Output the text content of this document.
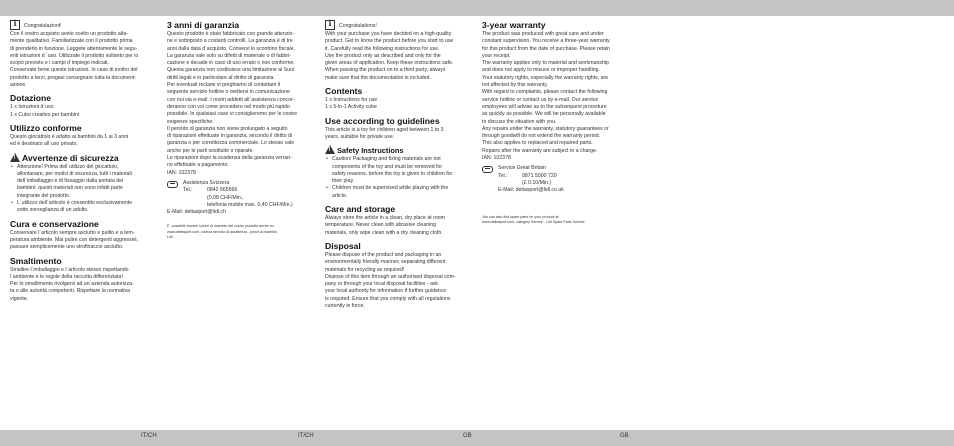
i
Congratulazioni!

Con il vostro acquisto avete scelto un prodotto alta-

mente qualitativo. Familiarizzate con il prodotto prima

di prenderlo in funzione. Leggete attentamente le segu-

enti istruzioni d ´uso. Utilizzate il prodotto soltanto per lo

scopo previsto e i campi d´impiego indicati.

Conservate bene queste istruzioni. In caso di inoltro del

prodotto a terzi, pregasi consegnare tutta la document-

azione.

Dotazione

1 x Istruzioni d´uso

1 x Cubo creativo per bambini

Utilizzo conforme

Questo giocattolo è adatto ai bambini da 1 ai 3 anni

ed è destinato all´uso privato.

!Avvertenze di sicurezza

• Attenzione! Prima dell´utilizzo del giocattolo,

allontanare, per motivi di sicurezza, tutti i materiali

dell´imballaggio e di fissaggio dalla portata dei

bambini: questi materiali non sono infatti parte

integrante del prodotto.

• L´utilizzo dell´articolo è consentito esclusivamente

sotto sorveglianza di un adulto.

Cura e conservazione

Conservare l´articolo sempre asciutto e pulito e a tem-

peratura ambiente. Mai pulire con detergenti aggressivi,

passare semplicemente uno strofinaccio asciutto.

Smaltimento

Smaltire l´imballaggio e l´articolo stesso rispettando

l´ambiente e le regole della raccolta differenziata!

Per lo smaltimento rivolgersi ad un´azienda autorizza-

ta o alle autorità competenti. Rispettare la normativa

vigente.

3 anni di garanzia

Questo prodotto è stato fabbricato con grande attenzio-

ne e sottoposto a costanti controlli. La garanzia è di tre

anni dalla data d´acquisto. Conservi lo scontrino fiscale.

La garanzia vale solo su difetti di materiale o di fabbri-

cazione e decade in caso di uso errato o non conforme.

Questa garanzia non costituisce una limitazione ai Suoi

diritti legali e in particolare al diritto di garanzia.

Per eventuali reclami vi preghiamo di contattare il

seguente servizio hotline o mettervi in comunicazione

con noi via e-mail. I nostri addetti all´assistenza concor-

deranno con voi come procedere nel modo più rapido

possibile. In qualsiasi caso vi consiglieremo per le vostre

esigenze specifiche.

Il periodo di garanzia non viene prolungato a seguito

di riparazioni effettuate in garanzia, secondo il diritto di

garanzia o per correttezza commerciale. Lo stesso vale

anche per le parti sostituite o riparate.

Le riparazioni dopo la scadenza della garanzia verran-

no effettuate a pagamento.

IAN: 102378

Assistenza Svizzera

Tel.:	0842 665566

(0,08 CHF/Min.,

telefonia mobile max. 0,40 CHF/Min.)

E-Mail: deltasport@lidl.ch

E´ possibile trovare i pezzi di ricambio del vostro prodotto anche su

www.deltasport.com, rubrica servizio di assistenza - pezzi di ricambio

Lidl

i
Congratulations!

With your purchase you have decided on a high-quality

product. Get to know the product before you start to use

it. Carefully read the following instructions for use.

Use the product only as described and only for the

given areas of application. Keep these instructions safe.

When passing the product on to a third party, always

make sure that the documentation is included.

Contents

1 x Instructions for use

1 x 5-in-1 Activity cube

Use according to guidelines

This article is a toy for children aged between 1 to 3

years, suitable for private use.

!Safety Instructions

• Caution! Packaging and fixing materials are not

components of the toy and must be removed for

safety reasons, before the toy is given to children for

their play.

• Children must be supervised while playing with the

article.

Care and storage

Always store the article in a clean, dry place at room

temperature. Never clean with abrasive cleaning

materials, only wipe clean with a dry cleaning cloth.

Disposal

Please dispose of the product and packaging in an

environmentally friendly manner, separating different

materials for recycling as required!

Dispose of this item through an authorised disposal com-

pany or through your local disposal facilities - ask

your local authority for information if further guidance

is required. Ensure that you comply with all regulations

currently in force.

3-year warranty

The product was produced with great care and under

constant supervision. You receive a three-year warranty

for this product from the date of purchase. Please retain

your receipt.

The warranty applies only to material and workmanship

and does not apply to misuse or improper handling.

Your statutory rights, especially the warranty rights, are

not affected by this warranty.

With regard to complaints, please contact the following

service hotline or contact us by e-mail. Our service

employees will advise as to the subsequent procedure

as quickly as possible. We will be personally available

to discuss the situation with you.

Any repairs under the warranty, statutory guarantees or

through goodwill do not extend the warranty period.

This also applies to replaced and repaired parts.

Repairs after the warranty are subject to a charge.

IAN: 102378

Service Great Britain

Tel.:	0871 5000 720

(£ 0.10/Min.)

E-Mail: deltasport@lidl.co.uk

You can also find spare parts for your product at:

www.deltasport.com, category Service - Lidl Spare Parts Service

IT/CH	IT/CH	GB	GB
